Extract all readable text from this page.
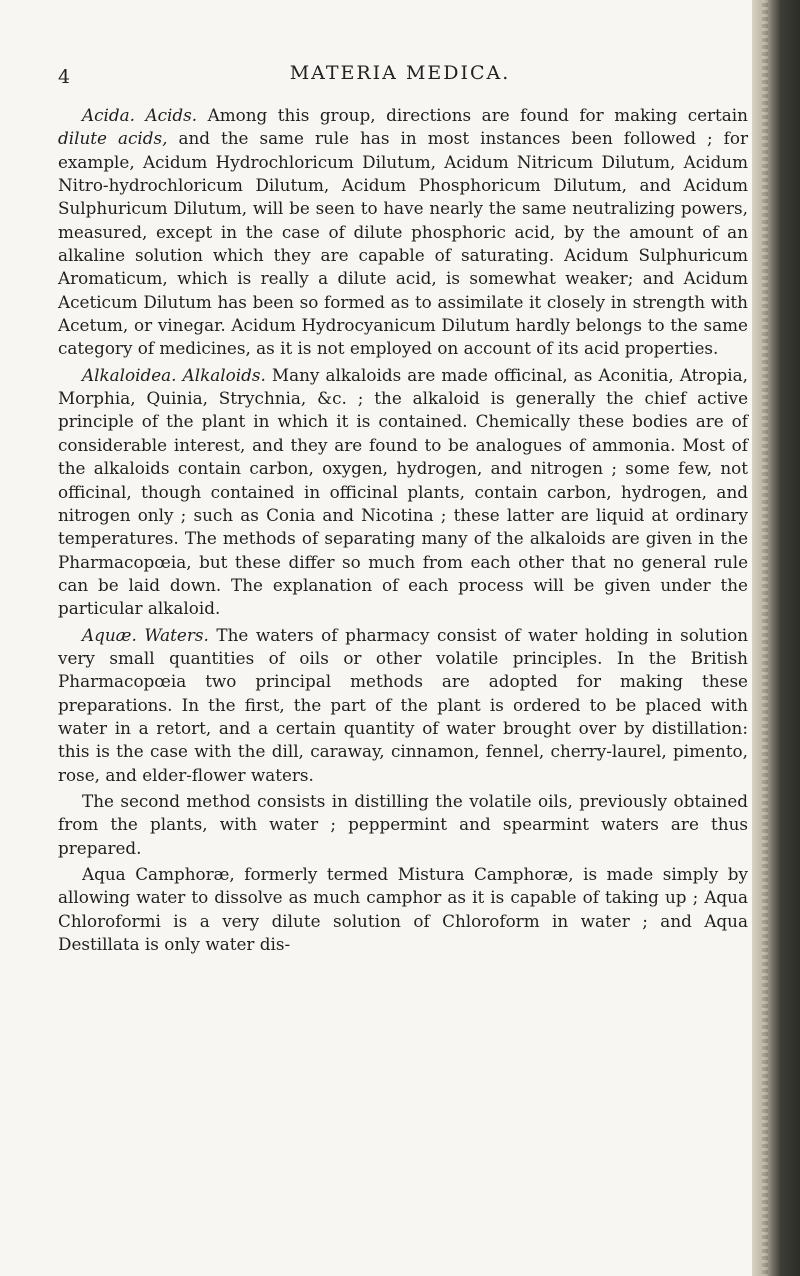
4	MATERIA MEDICA.

Acida. Acids. Among this group, directions are found for making certain dilute acids, and the same rule has in most instances been followed ; for example, Acidum Hydrochloricum Dilutum, Acidum Nitricum Dilutum, Acidum Nitro-hydrochloricum Dilutum, Acidum Phosphoricum Dilutum, and Acidum Sulphuricum Dilutum, will be seen to have nearly the same neutralizing powers, measured, except in the case of dilute phosphoric acid, by the amount of an alkaline solution which they are capable of saturating. Acidum Sulphuricum Aromaticum, which is really a dilute acid, is somewhat weaker; and Acidum Aceticum Dilutum has been so formed as to assimilate it closely in strength with Acetum, or vinegar. Acidum Hydrocyanicum Dilutum hardly belongs to the same category of medicines, as it is not employed on account of its acid properties.

Alkaloidea. Alkaloids. Many alkaloids are made officinal, as Aconitia, Atropia, Morphia, Quinia, Strychnia, &c. ; the alkaloid is generally the chief active principle of the plant in which it is contained. Chemically these bodies are of considerable interest, and they are found to be analogues of ammonia. Most of the alkaloids contain carbon, oxygen, hydrogen, and nitrogen ; some few, not officinal, though contained in officinal plants, contain carbon, hydrogen, and nitrogen only ; such as Conia and Nicotina ; these latter are liquid at ordinary temperatures. The methods of separating many of the alkaloids are given in the Pharmacopœia, but these differ so much from each other that no general rule can be laid down. The explanation of each process will be given under the particular alkaloid.

Aquæ. Waters. The waters of pharmacy consist of water holding in solution very small quantities of oils or other volatile principles. In the British Pharmacopœia two principal methods are adopted for making these preparations. In the first, the part of the plant is ordered to be placed with water in a retort, and a certain quantity of water brought over by distillation: this is the case with the dill, caraway, cinnamon, fennel, cherry-laurel, pimento, rose, and elder-flower waters.

The second method consists in distilling the volatile oils, previously obtained from the plants, with water ; peppermint and spearmint waters are thus prepared.

Aqua Camphoræ, formerly termed Mistura Camphoræ, is made simply by allowing water to dissolve as much camphor as it is capable of taking up ; Aqua Chloroformi is a very dilute solution of Chloroform in water ; and Aqua Destillata is only water dis-
